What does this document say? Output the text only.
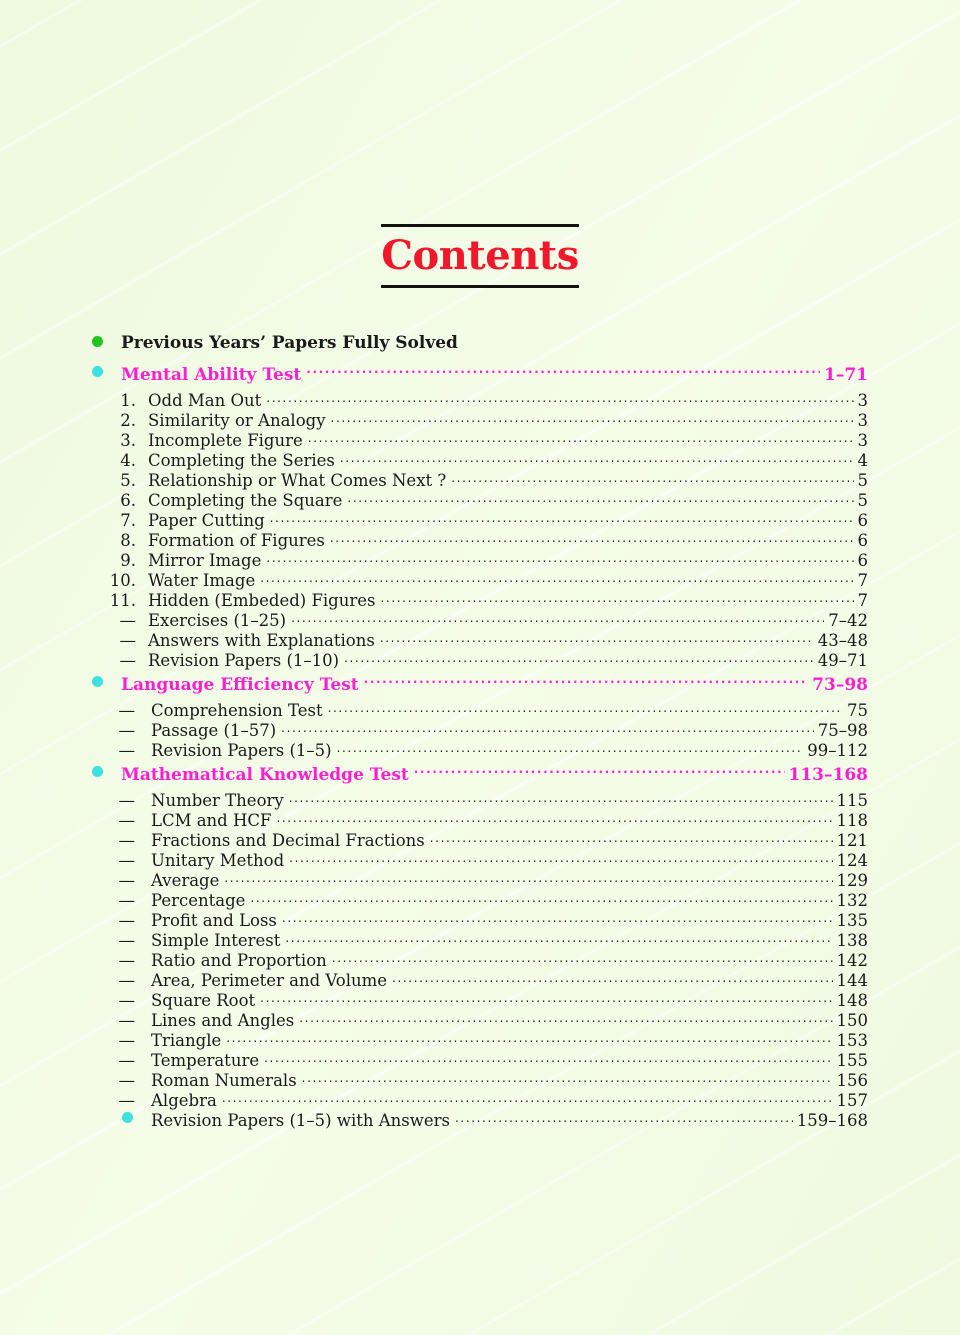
Contents
Previous Years’ Papers Fully Solved
Mental Ability Test .....	1–71
1. Odd Man Out .....	3
2. Similarity or Analogy .....	3
3. Incomplete Figure .....	3
4. Completing the Series .....	4
5. Relationship or What Comes Next ? .....	5
6. Completing the Square .....	5
7. Paper Cutting .....	6
8. Formation of Figures .....	6
9. Mirror Image .....	6
10. Water Image .....	7
11. Hidden (Embeded) Figures .....	7
— Exercises (1–25) .....	7–42
— Answers with Explanations .....	43–48
— Revision Papers (1–10) .....	49–71
Language Efficiency Test .....	73–98
— Comprehension Test .....	75
— Passage (1–57) .....	75–98
— Revision Papers (1–5) .....	99–112
Mathematical Knowledge Test .....	113–168
— Number Theory .....	115
— LCM and HCF .....	118
— Fractions and Decimal Fractions .....	121
— Unitary Method .....	124
— Average .....	129
— Percentage .....	132
— Profit and Loss .....	135
— Simple Interest .....	138
— Ratio and Proportion .....	142
— Area, Perimeter and Volume .....	144
— Square Root .....	148
— Lines and Angles .....	150
— Triangle .....	153
— Temperature .....	155
— Roman Numerals .....	156
— Algebra .....	157
Revision Papers (1–5) with Answers .....	159–168
